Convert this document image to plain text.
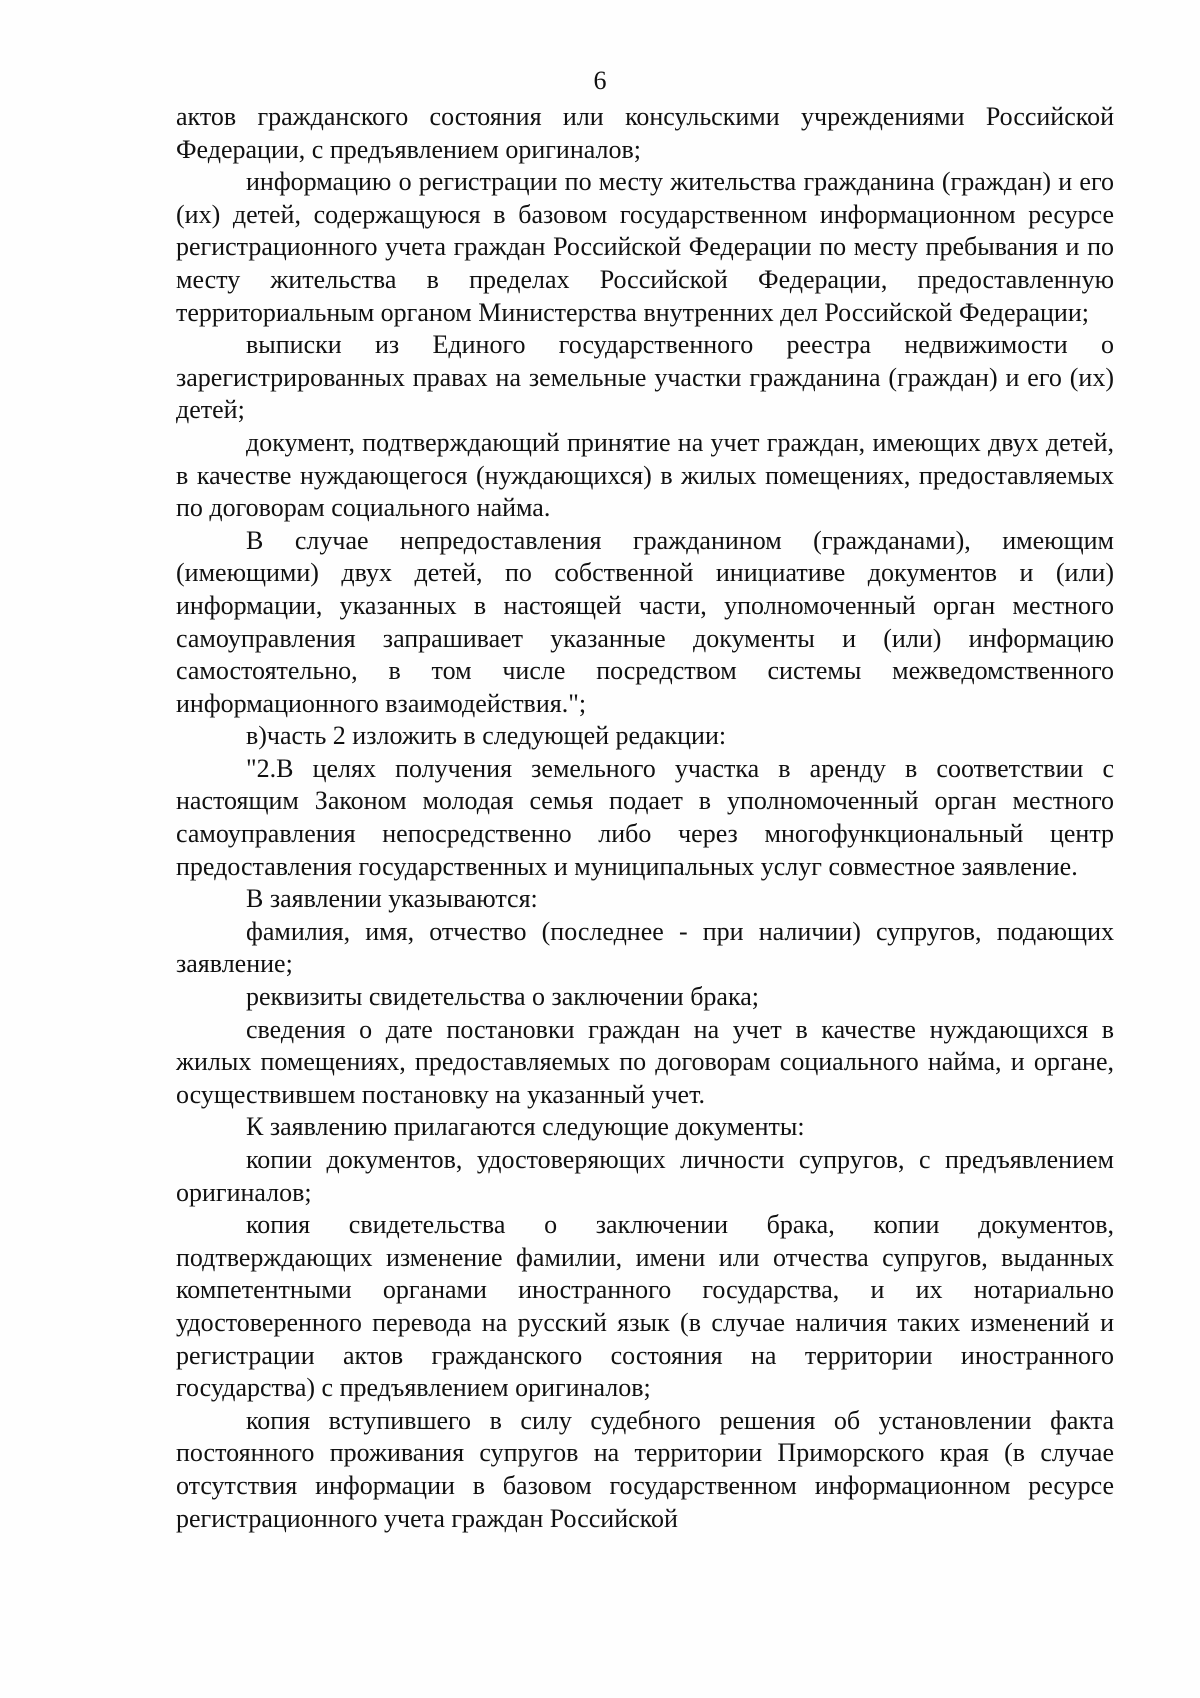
6

актов гражданского состояния или консульскими учреждениями Российской Федерации, с предъявлением оригиналов;

информацию о регистрации по месту жительства гражданина (граждан) и его (их) детей, содержащуюся в базовом государственном информационном ресурсе регистрационного учета граждан Российской Федерации по месту пребывания и по месту жительства в пределах Российской Федерации, предоставленную территориальным органом Министерства внутренних дел Российской Федерации;

выписки из Единого государственного реестра недвижимости о зарегистрированных правах на земельные участки гражданина (граждан) и его (их) детей;

документ, подтверждающий принятие на учет граждан, имеющих двух детей, в качестве нуждающегося (нуждающихся) в жилых помещениях, предоставляемых по договорам социального найма.

В случае непредоставления гражданином (гражданами), имеющим (имеющими) двух детей, по собственной инициативе документов и (или) информации, указанных в настоящей части, уполномоченный орган местного самоуправления запрашивает указанные документы и (или) информацию самостоятельно, в том числе посредством системы межведомственного информационного взаимодействия.";

в)часть 2 изложить в следующей редакции:

"2.В целях получения земельного участка в аренду в соответствии с настоящим Законом молодая семья подает в уполномоченный орган местного самоуправления непосредственно либо через многофункциональный центр предоставления государственных и муниципальных услуг совместное заявление.

В заявлении указываются:

фамилия, имя, отчество (последнее - при наличии) супругов, подающих заявление;

реквизиты свидетельства о заключении брака;

сведения о дате постановки граждан на учет в качестве нуждающихся в жилых помещениях, предоставляемых по договорам социального найма, и органе, осуществившем постановку на указанный учет.

К заявлению прилагаются следующие документы:

копии документов, удостоверяющих личности супругов, с предъявлением оригиналов;

копия свидетельства о заключении брака, копии документов, подтверждающих изменение фамилии, имени или отчества супругов, выданных компетентными органами иностранного государства, и их нотариально удостоверенного перевода на русский язык (в случае наличия таких изменений и регистрации актов гражданского состояния на территории иностранного государства) с предъявлением оригиналов;

копия вступившего в силу судебного решения об установлении факта постоянного проживания супругов на территории Приморского края (в случае отсутствия информации в базовом государственном информационном ресурсе регистрационного учета граждан Российской
